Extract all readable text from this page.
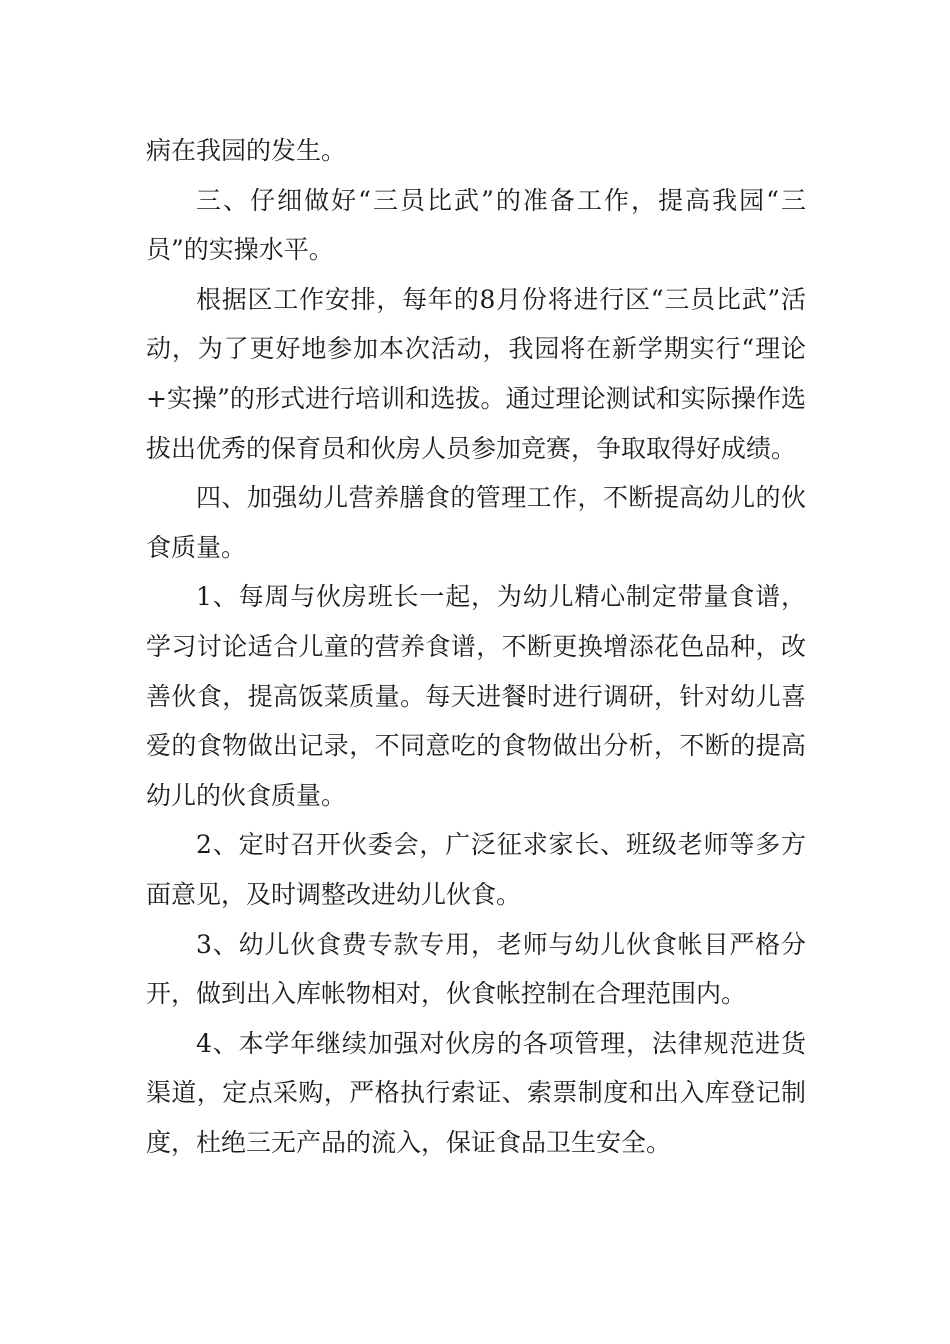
病在我园的发生。

三、仔细做好“三员比武”的准备工作，提高我园“三员”的实操水平。

根据区工作安排，每年的8月份将进行区“三员比武”活动，为了更好地参加本次活动，我园将在新学期实行“理论+实操”的形式进行培训和选拔。通过理论测试和实际操作选拔出优秀的保育员和伙房人员参加竞赛，争取取得好成绩。

四、加强幼儿营养膳食的管理工作，不断提高幼儿的伙食质量。

1、每周与伙房班长一起，为幼儿精心制定带量食谱，学习讨论适合儿童的营养食谱，不断更换增添花色品种，改善伙食，提高饭菜质量。每天进餐时进行调研，针对幼儿喜爱的食物做出记录，不同意吃的食物做出分析，不断的提高幼儿的伙食质量。

2、定时召开伙委会，广泛征求家长、班级老师等多方面意见，及时调整改进幼儿伙食。

3、幼儿伙食费专款专用，老师与幼儿伙食帐目严格分开，做到出入库帐物相对，伙食帐控制在合理范围内。

4、本学年继续加强对伙房的各项管理，法律规范进货渠道，定点采购，严格执行索证、索票制度和出入库登记制度，杜绝三无产品的流入，保证食品卫生安全。
